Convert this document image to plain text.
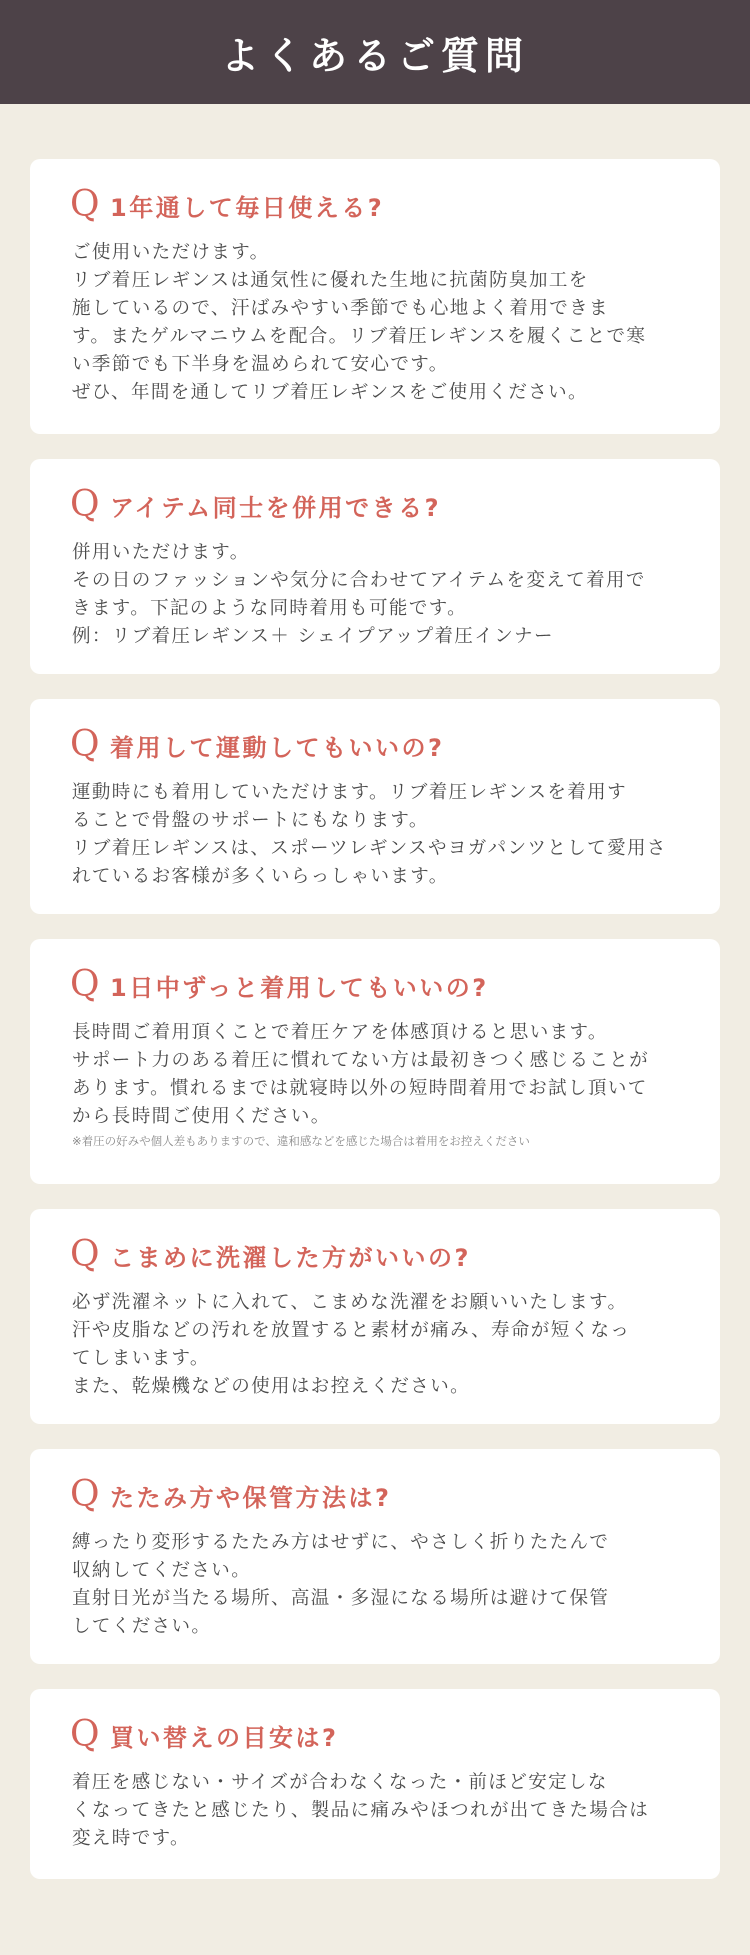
よくあるご質問
Q 1年通して毎日使える?
ご使用いただけます。
リブ着圧レギンスは通気性に優れた生地に抗菌防臭加工を
施しているので、汗ばみやすい季節でも心地よく着用できま
す。またゲルマニウムを配合。リブ着圧レギンスを履くことで寒
い季節でも下半身を温められて安心です。
ぜひ、年間を通してリブ着圧レギンスをご使用ください。
Q アイテム同士を併用できる?
併用いただけます。
その日のファッションや気分に合わせてアイテムを変えて着用で
きます。下記のような同時着用も可能です。
例：リブ着圧レギンス＋ シェイプアップ着圧インナー
Q 着用して運動してもいいの?
運動時にも着用していただけます。リブ着圧レギンスを着用す
ることで骨盤のサポートにもなります。
リブ着圧レギンスは、スポーツレギンスやヨガパンツとして愛用さ
れているお客様が多くいらっしゃいます。
Q 1日中ずっと着用してもいいの?
長時間ご着用頂くことで着圧ケアを体感頂けると思います。
サポート力のある着圧に慣れてない方は最初きつく感じることが
あります。慣れるまでは就寝時以外の短時間着用でお試し頂いて
から長時間ご使用ください。
※着圧の好みや個人差もありますので、違和感などを感じた場合は着用をお控えください
Q こまめに洗濯した方がいいの?
必ず洗濯ネットに入れて、こまめな洗濯をお願いいたします。
汗や皮脂などの汚れを放置すると素材が痛み、寿命が短くなっ
てしまいます。
また、乾燥機などの使用はお控えください。
Q たたみ方や保管方法は?
縛ったり変形するたたみ方はせずに、やさしく折りたたんで
収納してください。
直射日光が当たる場所、高温・多湿になる場所は避けて保管
してください。
Q 買い替えの目安は?
着圧を感じない・サイズが合わなくなった・前ほど安定しな
くなってきたと感じたり、製品に痛みやほつれが出てきた場合は
変え時です。
